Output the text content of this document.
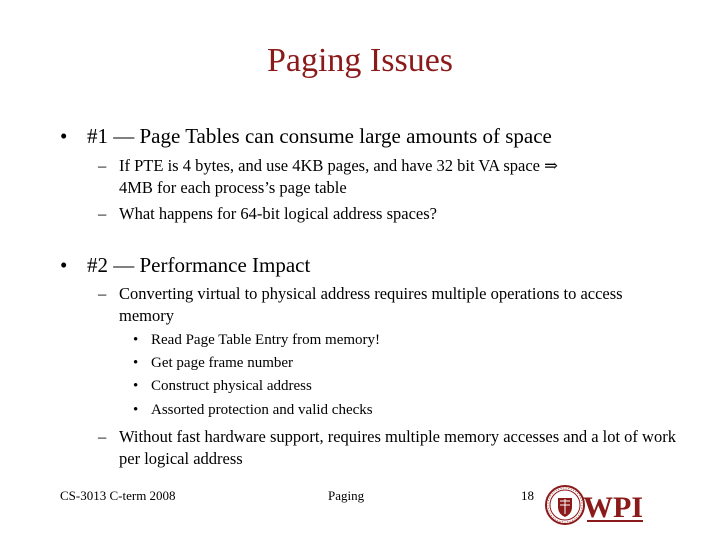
Paging Issues
• #1 — Page Tables can consume large amounts of space
– If PTE is 4 bytes, and use 4KB pages, and have 32 bit VA space ⇒
4MB for each process’s page table
– What happens for 64-bit logical address spaces?
• #2 — Performance Impact
– Converting virtual to physical address requires multiple operations to access memory
• Read Page Table Entry from memory!
• Get page frame number
• Construct physical address
• Assorted protection and valid checks
– Without fast hardware support, requires multiple memory accesses and a lot of work per logical address
CS-3013 C-term 2008	Paging	18 WPI
